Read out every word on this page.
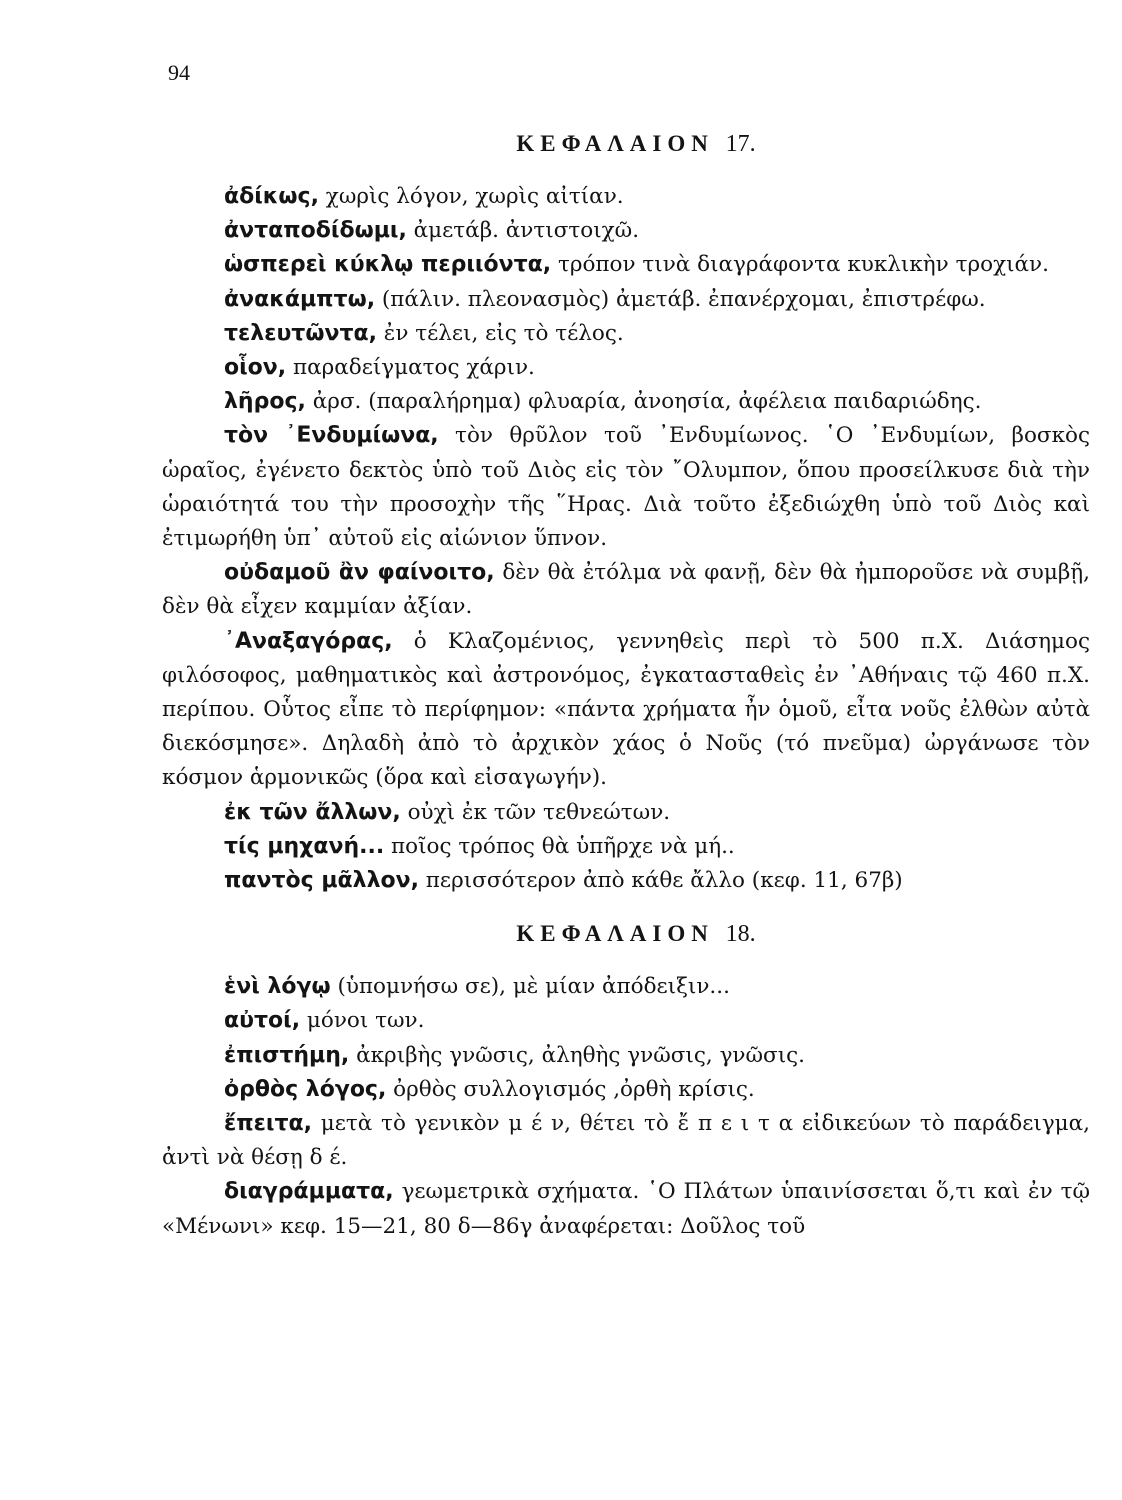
94
ΚΕΦΑΛΑΙΟΝ 17.

ἀδίκως, χωρὶς λόγον, χωρὶς αἰτίαν.

ἀνταποδίδωμι, ἀμετάβ. ἀντιστοιχῶ.

ὡσπερεὶ κύκλῳ περιιόντα, τρόπον τινὰ διαγράφοντα κυκλικὴν τροχιάν.

ἀνακάμπτω, (πάλιν. πλεονασμὸς) ἀμετάβ. ἐπανέρχομαι, ἐπιστρέφω.

τελευτῶντα, ἐν τέλει, εἰς τὸ τέλος.

οἷον, παραδείγματος χάριν.

λῆρος, ἀρσ. (παραλήρημα) φλυαρία, ἀνοησία, ἀφέλεια παιδαριώδης.

τὸν ᾿Ενδυμίωνα, τὸν θρῦλον τοῦ ᾿Ενδυμίωνος. ῾Ο ᾿Ενδυμίων, βοσκὸς ὡραῖος, ἐγένετο δεκτὸς ὑπὸ τοῦ Διὸς εἰς τὸν ῎Ολυμπον, ὅπου προσείλκυσε διὰ τὴν ὡραιότητά του τὴν προσοχὴν τῆς ῞Ηρας. Διὰ τοῦτο ἐξεδιώχθη ὑπὸ τοῦ Διὸς καὶ ἐτιμωρήθη ὑπ᾿ αὐτοῦ εἰς αἰώνιον ὕπνον.

οὐδαμοῦ ἂν φαίνοιτο, δὲν θὰ ἐτόλμα νὰ φανῇ, δὲν θὰ ἠμποροῦσε νὰ συμβῇ, δὲν θὰ εἶχεν καμμίαν ἀξίαν.

᾿Αναξαγόρας, ὁ Κλαζομένιος, γεννηθεὶς περὶ τὸ 500 π.Χ. Διάσημος φιλόσοφος, μαθηματικὸς καὶ ἀστρονόμος, ἐγκατασταθεὶς ἐν ᾿Αθήναις τῷ 460 π.Χ. περίπου. Οὗτος εἶπε τὸ περίφημον: «πάντα χρήματα ἦν ὁμοῦ, εἶτα νοῦς ἐλθὼν αὐτὰ διεκόσμησε». Δηλαδὴ ἀπὸ τὸ ἀρχικὸν χάος ὁ Νοῦς (τό πνεῦμα) ὠργάνωσε τὸν κόσμον ἁρμονικῶς (ὅρα καὶ εἰσαγωγήν).

ἐκ τῶν ἄλλων, οὐχὶ ἐκ τῶν τεθνεώτων.

τίς μηχανή... ποῖος τρόπος θὰ ὑπῆρχε νὰ μή..

παντὸς μᾶλλον, περισσότερον ἀπὸ κάθε ἄλλο (κεφ. 11, 67β)

ΚΕΦΑΛΑΙΟΝ 18.

ἑνὶ λόγῳ (ὑπομνήσω σε), μὲ μίαν ἀπόδειξιν...

αὐτοί, μόνοι των.

ἐπιστήμη, ἀκριβὴς γνῶσις, ἀληθὴς γνῶσις, γνῶσις.

ὀρθὸς λόγος, ὀρθὸς συλλογισμός ,ὀρθὴ κρίσις.

ἔπειτα, μετὰ τὸ γενικὸν μ έ ν, θέτει τὸ ἔ π ε ι τ α εἰδικεύων τὸ παράδειγμα, ἀντὶ νὰ θέσῃ δ έ.

διαγράμματα, γεωμετρικὰ σχήματα. ῾Ο Πλάτων ὑπαινίσσεται ὅ,τι καὶ ἐν τῷ «Μένωνι» κεφ. 15—21, 80 δ—86γ ἀναφέρεται: Δοῦλος τοῦ
